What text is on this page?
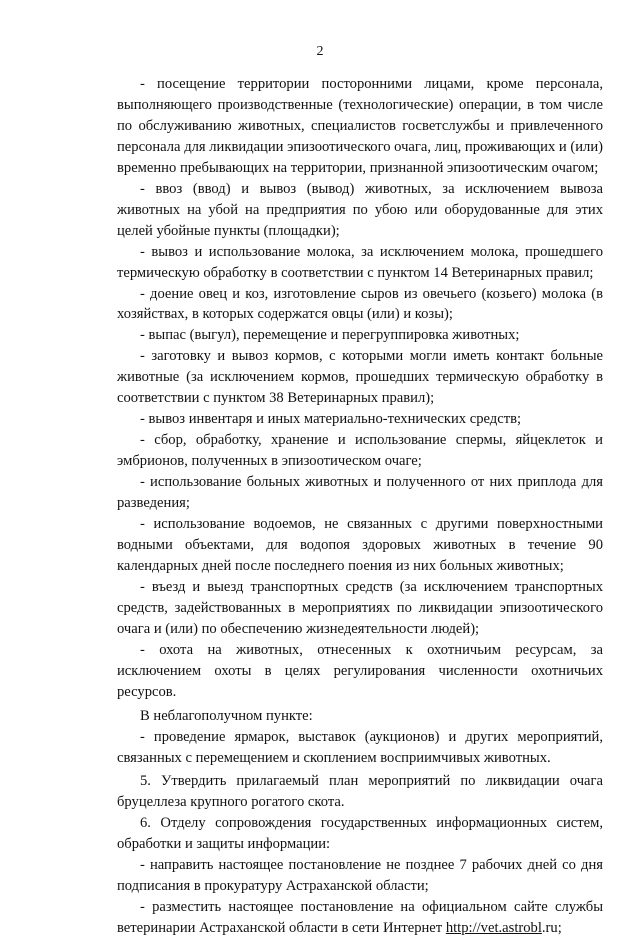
2

- посещение территории посторонними лицами, кроме персонала, выполняющего производственные (технологические) операции, в том числе по обслуживанию животных, специалистов госветслужбы и привлеченного персонала для ликвидации эпизоотического очага, лиц, проживающих и (или) временно пребывающих на территории, признанной эпизоотическим очагом;

- ввоз (ввод) и вывоз (вывод) животных, за исключением вывоза животных на убой на предприятия по убою или оборудованные для этих целей убойные пункты (площадки);

- вывоз и использование молока, за исключением молока, прошедшего термическую обработку в соответствии с пунктом 14 Ветеринарных правил;

- доение овец и коз, изготовление сыров из овечьего (козьего) молока (в хозяйствах, в которых содержатся овцы (или) и козы);

- выпас (выгул), перемещение и перегруппировка животных;

- заготовку и вывоз кормов, с которыми могли иметь контакт больные животные (за исключением кормов, прошедших термическую обработку в соответствии с пунктом 38 Ветеринарных правил);

- вывоз инвентаря и иных материально-технических средств;

- сбор, обработку, хранение и использование спермы, яйцеклеток и эмбрионов, полученных в эпизоотическом очаге;

- использование больных животных и полученного от них приплода для разведения;

- использование водоемов, не связанных с другими поверхностными водными объектами, для водопоя здоровых животных в течение 90 календарных дней после последнего поения из них больных животных;

- въезд и выезд транспортных средств (за исключением транспортных средств, задействованных в мероприятиях по ликвидации эпизоотического очага и (или) по обеспечению жизнедеятельности людей);

- охота на животных, отнесенных к охотничьим ресурсам, за исключением охоты в целях регулирования численности охотничьих ресурсов.

В неблагополучном пункте:

- проведение ярмарок, выставок (аукционов) и других мероприятий, связанных с перемещением и скоплением восприимчивых животных.

5. Утвердить прилагаемый план мероприятий по ликвидации очага бруцеллеза крупного рогатого скота.

6. Отделу сопровождения государственных информационных систем, обработки и защиты информации:

- направить настоящее постановление не позднее 7 рабочих дней со дня подписания в прокуратуру Астраханской области;

- разместить настоящее постановление на официальном сайте службы ветеринарии Астраханской области в сети Интернет http://vet.astrobl.ru;
